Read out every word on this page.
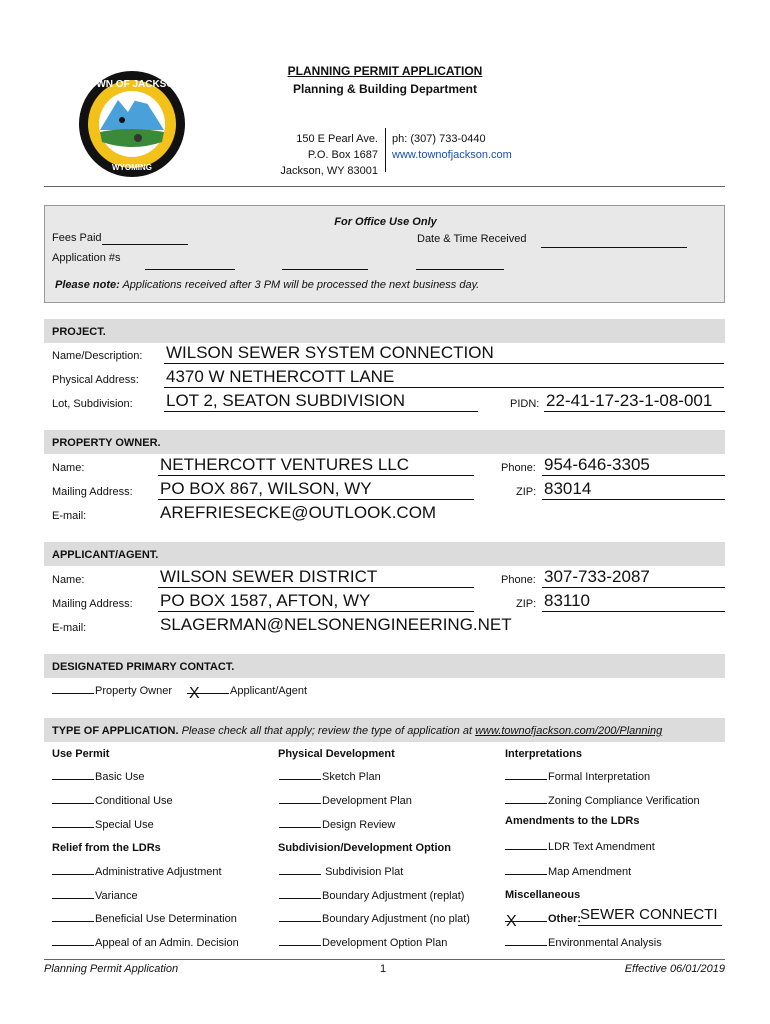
TOWN OF JACKSON
WYOMING
PLANNING PERMIT APPLICATION
Planning & Building Department
150 E Pearl Ave.
P.O. Box 1687
Jackson, WY 83001
ph: (307) 733-0440
www.townofjackson.com
For Office Use Only
Fees Paid	Date & Time Received
Application #s
Please note: Applications received after 3 PM will be processed the next business day.
PROJECT.
Name/Description: WILSON SEWER SYSTEM CONNECTION
Physical Address: 4370 W NETHERCOTT LANE
Lot, Subdivision: LOT 2, SEATON SUBDIVISION	PIDN: 22-41-17-23-1-08-001
PROPERTY OWNER.
Name:	NETHERCOTT VENTURES LLC	Phone: 954-646-3305
Mailing Address: PO BOX 867, WILSON, WY	ZIP: 83014
E-mail:	AREFRIESECKE@OUTLOOK.COM
APPLICANT/AGENT.
Name:	WILSON SEWER DISTRICT	Phone: 307-733-2087
Mailing Address: PO BOX 1587, AFTON, WY	ZIP: 83110
E-mail:	SLAGERMAN@NELSONENGINEERING.NET
DESIGNATED PRIMARY CONTACT.
Property Owner X	Applicant/Agent
TYPE OF APPLICATION. Please check all that apply; review the type of application at www.townofjackson.com/200/Planning
Use Permit
Basic Use
Conditional Use
Special Use
Relief from the LDRs
Administrative Adjustment
Variance
Beneficial Use Determination
Appeal of an Admin. Decision
Physical Development
Sketch Plan
Development Plan
Design Review
Subdivision/Development Option
Subdivision Plat
Boundary Adjustment (replat)
Boundary Adjustment (no plat)
Development Option Plan
Interpretations
Formal Interpretation
Zoning Compliance Verification
Amendments to the LDRs
LDR Text Amendment
Map Amendment
Miscellaneous
X	Other: SEWER CONNECTI
Environmental Analysis
Planning Permit Application	1	Effective 06/01/2019
